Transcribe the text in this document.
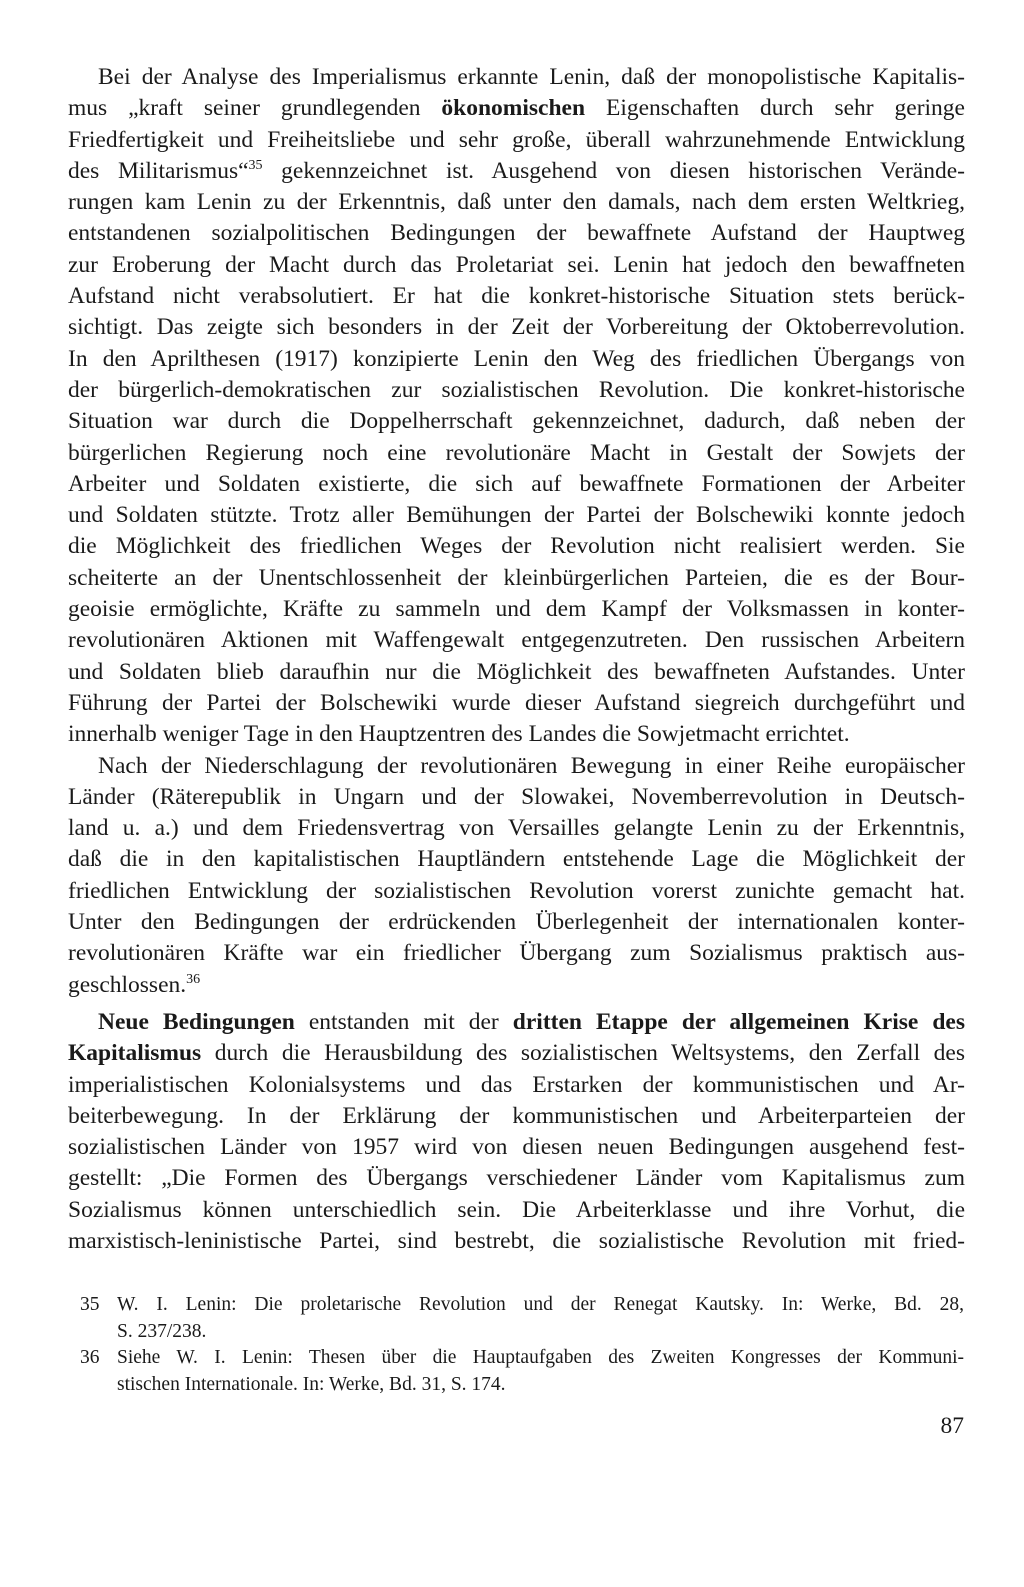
Bei der Analyse des Imperialismus erkannte Lenin, daß der monopolistische Kapitalis-
mus „kraft seiner grundlegenden ökonomischen Eigenschaften durch sehr geringe
Friedfertigkeit und Freiheitsliebe und sehr große, überall wahrzunehmende Entwicklung
des Militarismus“$^{35}$ gekennzeichnet ist. Ausgehend von diesen historischen Verände-
rungen kam Lenin zu der Erkenntnis, daß unter den damals, nach dem ersten Weltkrieg,
entstandenen sozialpolitischen Bedingungen der bewaffnete Aufstand der Hauptweg
zur Eroberung der Macht durch das Proletariat sei. Lenin hat jedoch den bewaffneten
Aufstand nicht verabsolutiert. Er hat die konkret-historische Situation stets berück-
sichtigt. Das zeigte sich besonders in der Zeit der Vorbereitung der Oktoberrevolution.
In den Aprilthesen (1917) konzipierte Lenin den Weg des friedlichen Übergangs von
der bürgerlich-demokratischen zur sozialistischen Revolution. Die konkret-historische
Situation war durch die Doppelherrschaft gekennzeichnet, dadurch, daß neben der
bürgerlichen Regierung noch eine revolutionäre Macht in Gestalt der Sowjets der
Arbeiter und Soldaten existierte, die sich auf bewaffnete Formationen der Arbeiter
und Soldaten stützte. Trotz aller Bemühungen der Partei der Bolschewiki konnte jedoch
die Möglichkeit des friedlichen Weges der Revolution nicht realisiert werden. Sie
scheiterte an der Unentschlossenheit der kleinbürgerlichen Parteien, die es der Bour-
geoisie ermöglichte, Kräfte zu sammeln und dem Kampf der Volksmassen in konter-
revolutionären Aktionen mit Waffengewalt entgegenzutreten. Den russischen Arbeitern
und Soldaten blieb daraufhin nur die Möglichkeit des bewaffneten Aufstandes. Unter
Führung der Partei der Bolschewiki wurde dieser Aufstand siegreich durchgeführt und
innerhalb weniger Tage in den Hauptzentren des Landes die Sowjetmacht errichtet.
Nach der Niederschlagung der revolutionären Bewegung in einer Reihe europäischer
Länder (Räterepublik in Ungarn und der Slowakei, Novemberrevolution in Deutsch-
land u. a.) und dem Friedensvertrag von Versailles gelangte Lenin zu der Erkenntnis,
daß die in den kapitalistischen Hauptländern entstehende Lage die Möglichkeit der
friedlichen Entwicklung der sozialistischen Revolution vorerst zunichte gemacht hat.
Unter den Bedingungen der erdrückenden Überlegenheit der internationalen konter-
revolutionären Kräfte war ein friedlicher Übergang zum Sozialismus praktisch aus-
geschlossen.$^{36}$
Neue Bedingungen entstanden mit der dritten Etappe der allgemeinen Krise des
Kapitalismus durch die Herausbildung des sozialistischen Weltsystems, den Zerfall des
imperialistischen Kolonialsystems und das Erstarken der kommunistischen und Ar-
beiterbewegung. In der Erklärung der kommunistischen und Arbeiterparteien der
sozialistischen Länder von 1957 wird von diesen neuen Bedingungen ausgehend fest-
gestellt: „Die Formen des Übergangs verschiedener Länder vom Kapitalismus zum
Sozialismus können unterschiedlich sein. Die Arbeiterklasse und ihre Vorhut, die
marxistisch-leninistische Partei, sind bestrebt, die sozialistische Revolution mit fried-
35 W. I. Lenin: Die proletarische Revolution und der Renegat Kautsky. In: Werke, Bd. 28,
S. 237/238.
36 Siehe W. I. Lenin: Thesen über die Hauptaufgaben des Zweiten Kongresses der Kommuni-
stischen Internationale. In: Werke, Bd. 31, S. 174.
87
